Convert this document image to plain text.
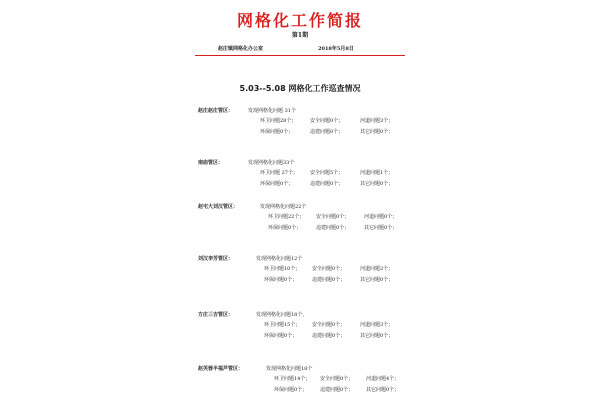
网格化工作简报
第1期
赵庄镇网格化办公室	2018年5月8日
5.03--5.08 网格化工作巡查情况
赵庄赵庄管区：	发现网格化问题 31个
环卫问题28个；	安全问题0个；	河道问题3个；
环保问题0个；	违建问题0个；	其它问题0个；
南庙管区：	发现网格化问题33个
环卫问题 27个； 安全问题5个；	河道问题1个；
环保问题0个；	违建问题0个；	其它问题0个；
赵宅大刘汉管区：	发现网格化问题22个
环卫问题22个； 安全问题0个；	河道问题0个；
环保问题0个；	违建问题0个；	其它问题0个；
刘汉李芳管区：	发现网格化问题12个
环卫问题10个； 安全问题0个；	河道问题2个；
环保问题0个；	违建问题0个；	其它问题0个；
方庄三吉管区：	发现网格化问题18个，
环卫问题15个； 安全问题0个；	河道问题3个；
环保问题0个；	违建问题0个；	其它问题0个；
赵芙蓉半福芦管区：	发现网格化问题18个
环卫问题14个； 安全问题0个；	河道问题4个；
环保问题0个；	违建问题0个；	其它问题0个；
